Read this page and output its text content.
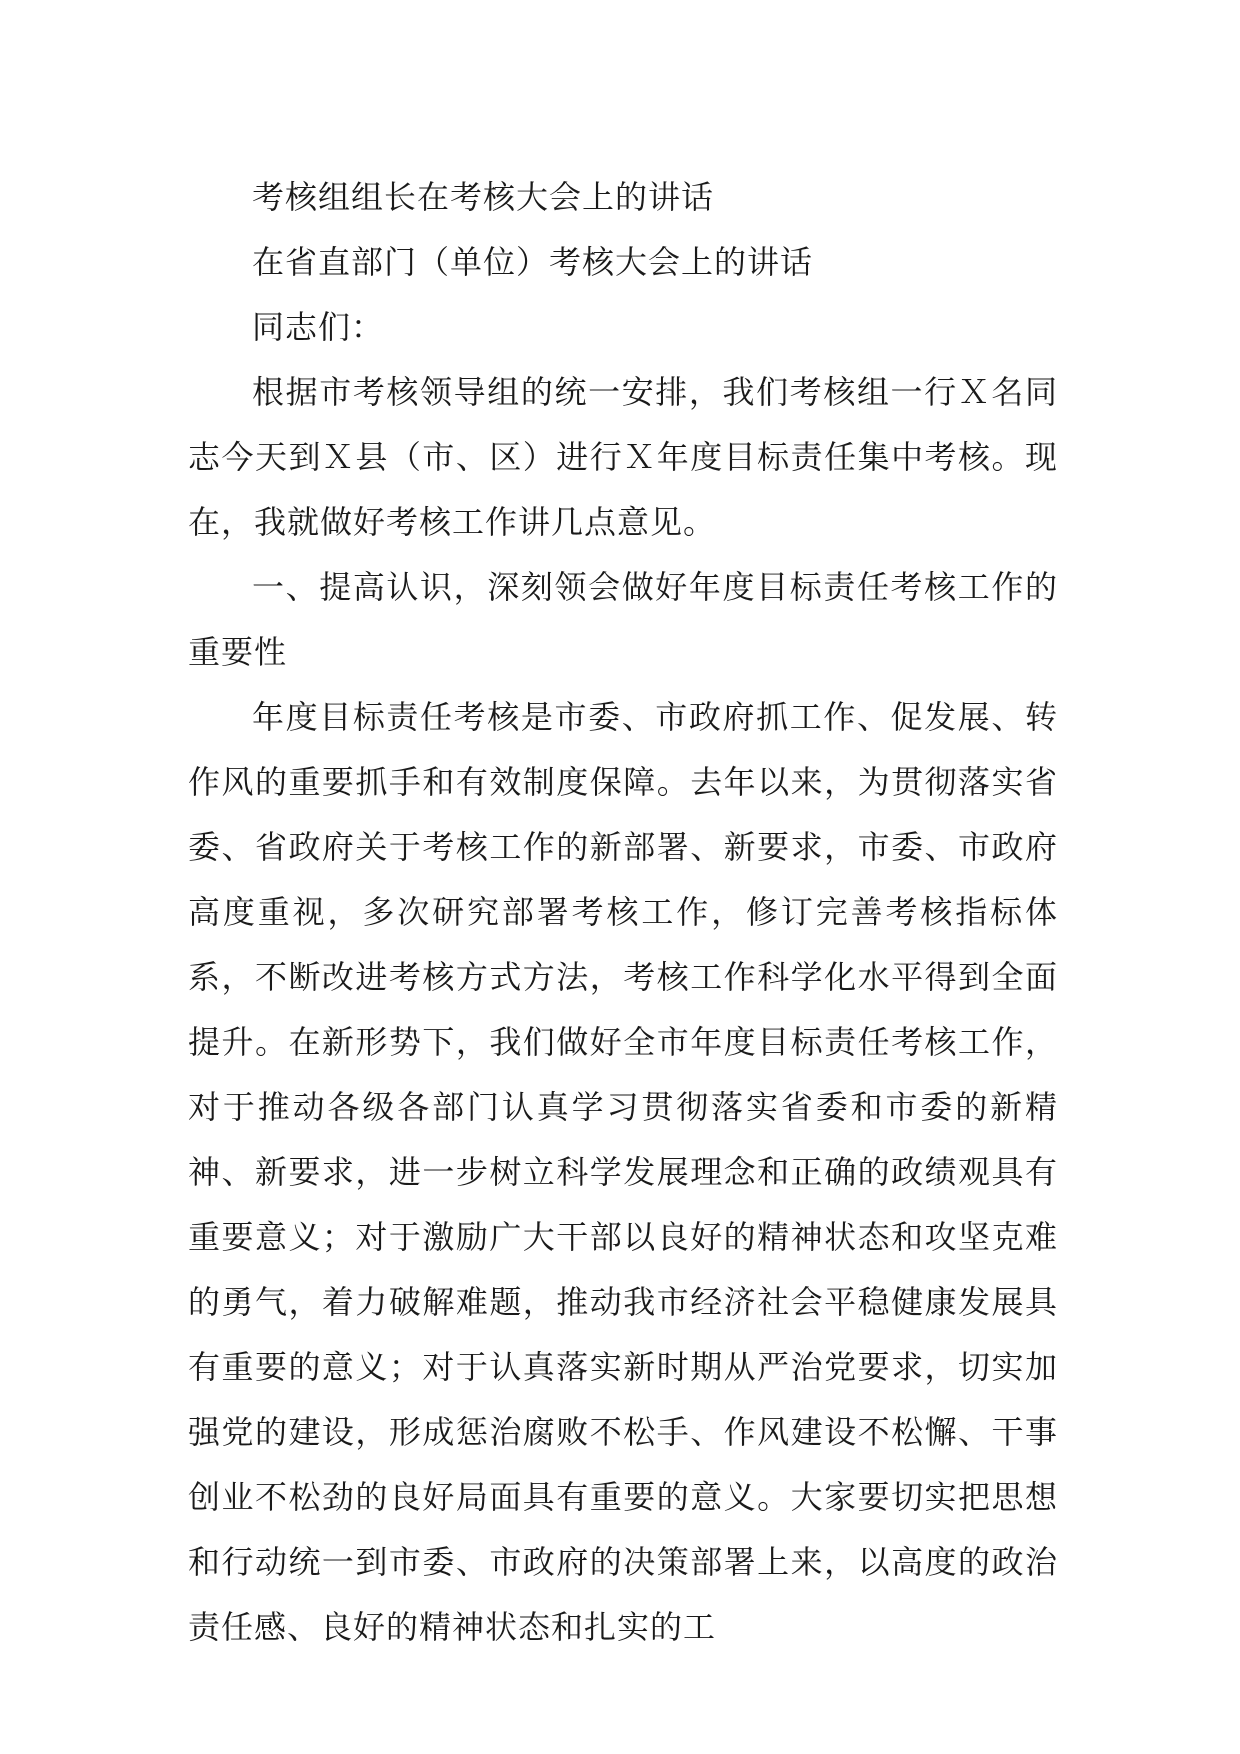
考核组组长在考核大会上的讲话

在省直部门（单位）考核大会上的讲话

同志们：

根据市考核领导组的统一安排，我们考核组一行Ｘ名同志今天到Ｘ县（市、区）进行Ｘ年度目标责任集中考核。现在，我就做好考核工作讲几点意见。

一、提高认识，深刻领会做好年度目标责任考核工作的重要性

年度目标责任考核是市委、市政府抓工作、促发展、转作风的重要抓手和有效制度保障。去年以来，为贯彻落实省委、省政府关于考核工作的新部署、新要求，市委、市政府高度重视，多次研究部署考核工作，修订完善考核指标体系，不断改进考核方式方法，考核工作科学化水平得到全面提升。在新形势下，我们做好全市年度目标责任考核工作，对于推动各级各部门认真学习贯彻落实省委和市委的新精神、新要求，进一步树立科学发展理念和正确的政绩观具有重要意义；对于激励广大干部以良好的精神状态和攻坚克难的勇气，着力破解难题，推动我市经济社会平稳健康发展具有重要的意义；对于认真落实新时期从严治党要求，切实加强党的建设，形成惩治腐败不松手、作风建设不松懈、干事创业不松劲的良好局面具有重要的意义。大家要切实把思想和行动统一到市委、市政府的决策部署上来，以高度的政治责任感、良好的精神状态和扎实的工
